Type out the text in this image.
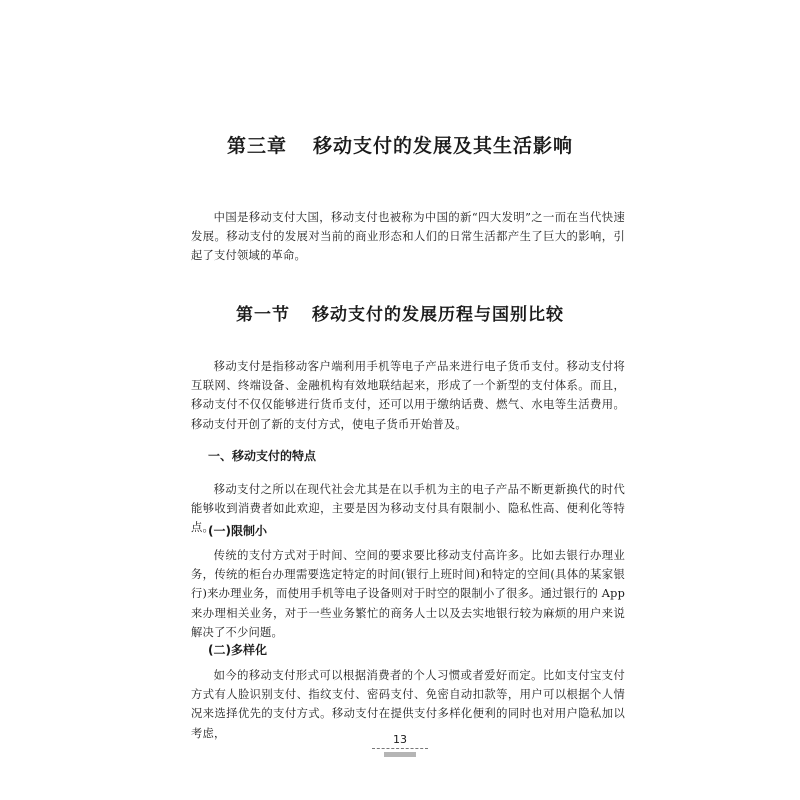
第三章 移动支付的发展及其生活影响

中国是移动支付大国，移动支付也被称为中国的新“四大发明”之一而在当代快速发展。移动支付的发展对当前的商业形态和人们的日常生活都产生了巨大的影响，引起了支付领域的革命。

第一节 移动支付的发展历程与国别比较

移动支付是指移动客户端利用手机等电子产品来进行电子货币支付。移动支付将互联网、终端设备、金融机构有效地联结起来，形成了一个新型的支付体系。而且，移动支付不仅仅能够进行货币支付，还可以用于缴纳话费、燃气、水电等生活费用。移动支付开创了新的支付方式，使电子货币开始普及。

一、移动支付的特点

移动支付之所以在现代社会尤其是在以手机为主的电子产品不断更新换代的时代能够收到消费者如此欢迎，主要是因为移动支付具有限制小、隐私性高、便利化等特点。

(一)限制小

传统的支付方式对于时间、空间的要求要比移动支付高许多。比如去银行办理业务，传统的柜台办理需要选定特定的时间(银行上班时间)和特定的空间(具体的某家银行)来办理业务，而使用手机等电子设备则对于时空的限制小了很多。通过银行的 App 来办理相关业务，对于一些业务繁忙的商务人士以及去实地银行较为麻烦的用户来说解决了不少问题。

(二)多样化

如今的移动支付形式可以根据消费者的个人习惯或者爱好而定。比如支付宝支付方式有人脸识别支付、指纹支付、密码支付、免密自动扣款等，用户可以根据个人情况来选择优先的支付方式。移动支付在提供支付多样化便利的同时也对用户隐私加以考虑，	13
